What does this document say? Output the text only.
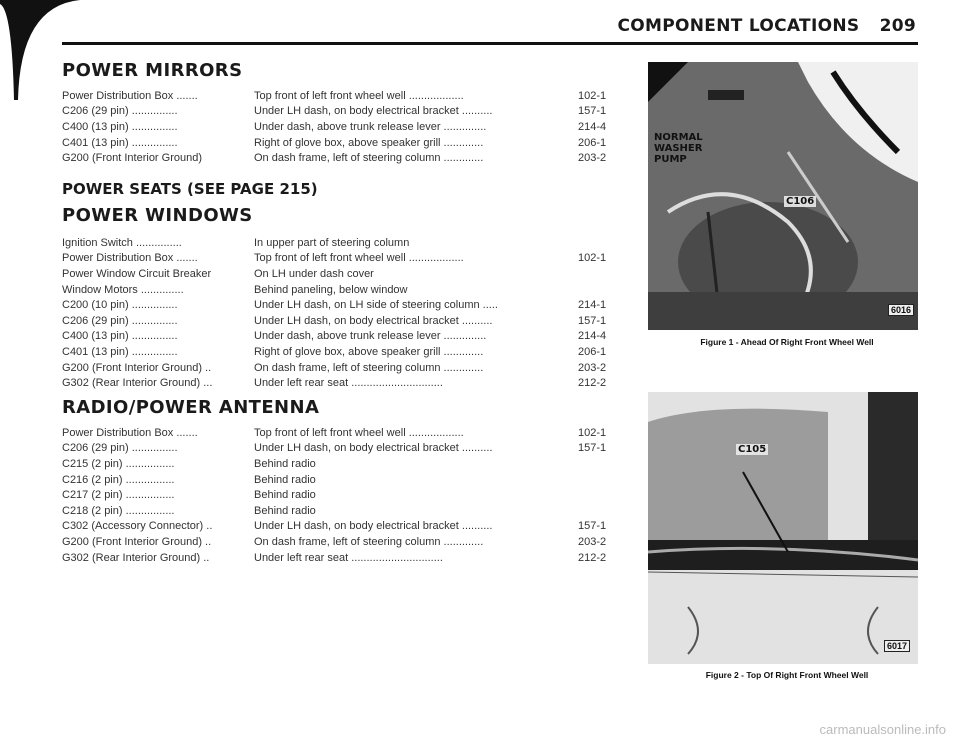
COMPONENT LOCATIONS 209
POWER MIRRORS
Power Distribution Box .......	Top front of left front wheel well ..................	102-1
C206 (29 pin) ...............	Under LH dash, on body electrical bracket ..........	157-1
C400 (13 pin) ...............	Under dash, above trunk release lever ..............	214-4
C401 (13 pin) ...............	Right of glove box, above speaker grill .............	206-1
G200 (Front Interior Ground)	On dash frame, left of steering column .............	203-2
POWER SEATS (SEE PAGE 215)
POWER WINDOWS
Ignition Switch ...............	In upper part of steering column
Power Distribution Box .......	Top front of left front wheel well ..................	102-1
Power Window Circuit Breaker	On LH under dash cover
Window Motors ..............	Behind paneling, below window
C200 (10 pin) ...............	Under LH dash, on LH side of steering column .....	214-1
C206 (29 pin) ...............	Under LH dash, on body electrical bracket ..........	157-1
C400 (13 pin) ...............	Under dash, above trunk release lever ..............	214-4
C401 (13 pin) ...............	Right of glove box, above speaker grill .............	206-1
G200 (Front Interior Ground) ..	On dash frame, left of steering column .............	203-2
G302 (Rear Interior Ground) ...	Under left rear seat ..............................	212-2
RADIO/POWER ANTENNA
Power Distribution Box .......	Top front of left front wheel well ..................	102-1
C206 (29 pin) ...............	Under LH dash, on body electrical bracket ..........	157-1
C215 (2 pin) ................	Behind radio
C216 (2 pin) ................	Behind radio
C217 (2 pin) ................	Behind radio
C218 (2 pin) ................	Behind radio
C302 (Accessory Connector) ..	Under LH dash, on body electrical bracket ..........	157-1
G200 (Front Interior Ground) ..	On dash frame, left of steering column .............	203-2
G302 (Rear Interior Ground) ..	Under left rear seat ..............................	212-2
NORMAL
WASHER
PUMP
C106
6016
Figure 1 - Ahead Of Right Front Wheel Well
C105
6017
Figure 2 - Top Of Right Front Wheel Well
carmanualsonline.info
